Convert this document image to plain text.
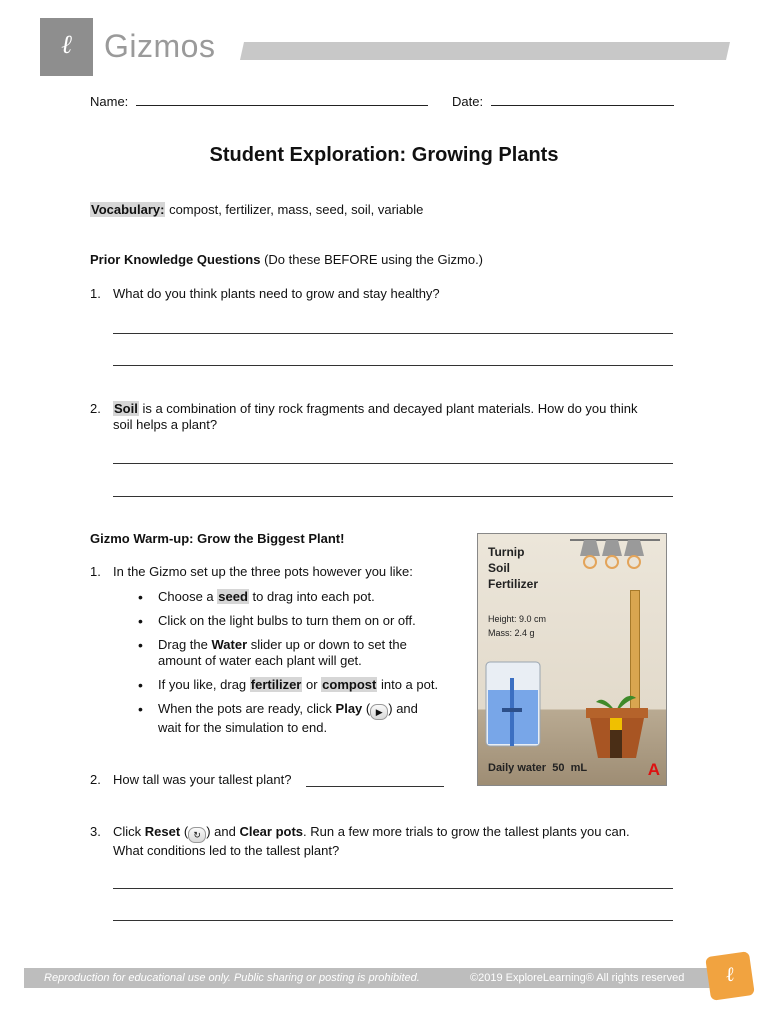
ℓ	Gizmos
Name:	Date:
Student Exploration: Growing Plants
Vocabulary: compost, fertilizer, mass, seed, soil, variable
Prior Knowledge Questions (Do these BEFORE using the Gizmo.)
1. What do you think plants need to grow and stay healthy?
2.	Soil is a combination of tiny rock fragments and decayed plant materials. How do you think
soil helps a plant?
Gizmo Warm-up: Grow the Biggest Plant!
1. In the Gizmo set up the three pots however you like:
• Choose a seed to drag into each pot.
• Click on the light bulbs to turn them on or off.
• Drag the Water slider up or down to set the amount of water each plant will get.
• If you like, drag fertilizer or compost into a pot.
• When the pots are ready, click Play ( ▶ ) and
wait for the simulation to end.
2. How tall was your tallest plant?
3. Click Reset ( ↻ ) and Clear pots. Run a few more trials to grow the tallest plants you can.
What conditions led to the tallest plant?
Turnip
Soil
Fertilizer
Height: 9.0 cm
Mass: 2.4 g
Daily water 50 mL	A
Reproduction for educational use only. Public sharing or posting is prohibited.	©2019 ExploreLearning® All rights reserved	ℓ
